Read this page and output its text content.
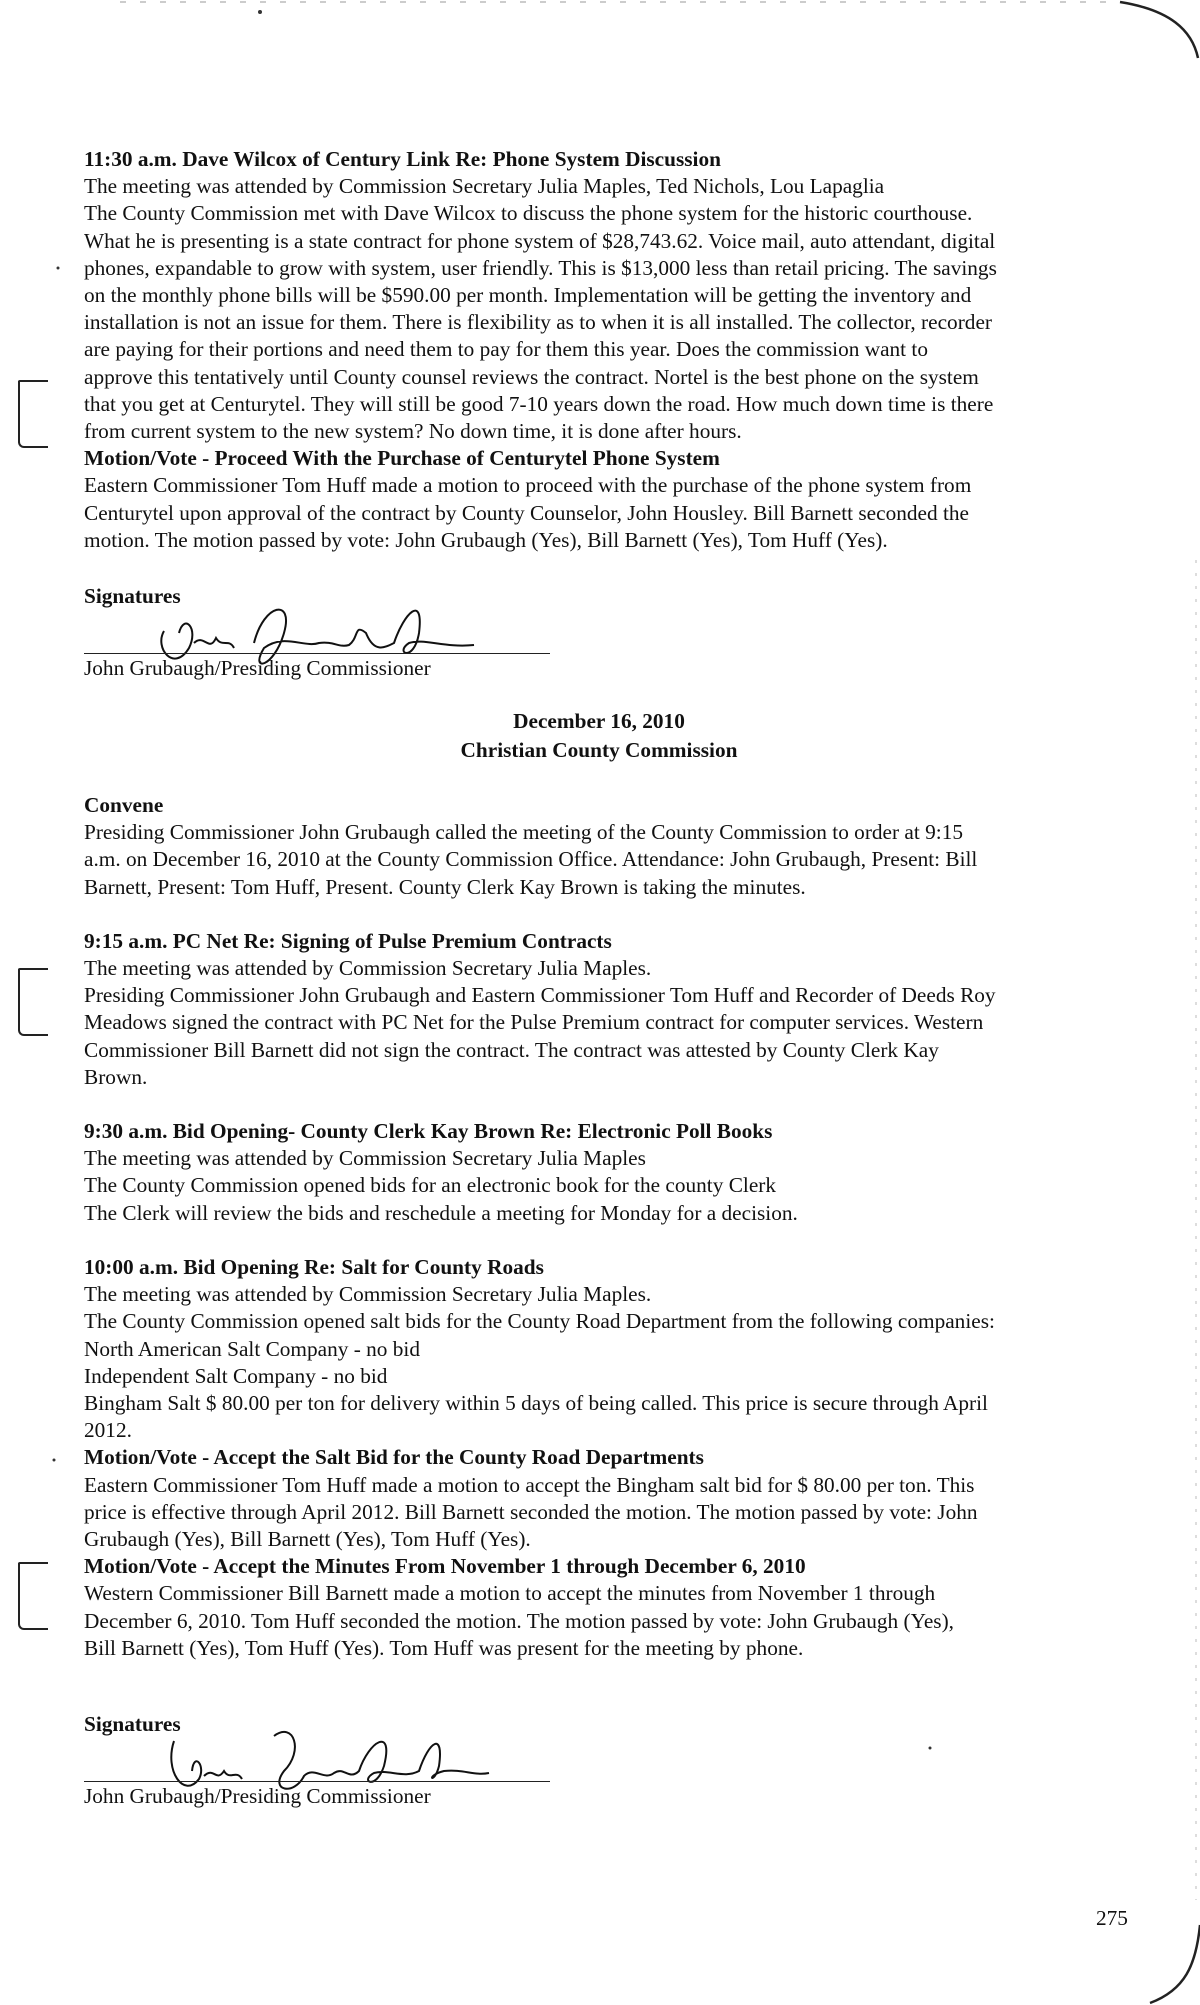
11:30 a.m. Dave Wilcox of Century Link Re: Phone System Discussion

The meeting was attended by Commission Secretary Julia Maples, Ted Nichols, Lou Lapaglia

The County Commission met with Dave Wilcox to discuss the phone system for the historic courthouse.

What he is presenting is a state contract for phone system of $28,743.62. Voice mail, auto attendant, digital

phones, expandable to grow with system, user friendly. This is $13,000 less than retail pricing. The savings

on the monthly phone bills will be $590.00 per month. Implementation will be getting the inventory and

installation is not an issue for them. There is flexibility as to when it is all installed. The collector, recorder

are paying for their portions and need them to pay for them this year. Does the commission want to

approve this tentatively until County counsel reviews the contract. Nortel is the best phone on the system

that you get at Centurytel. They will still be good 7-10 years down the road. How much down time is there

from current system to the new system? No down time, it is done after hours.

Motion/Vote - Proceed With the Purchase of Centurytel Phone System

Eastern Commissioner Tom Huff made a motion to proceed with the purchase of the phone system from

Centurytel upon approval of the contract by County Counselor, John Housley. Bill Barnett seconded the

motion. The motion passed by vote: John Grubaugh (Yes), Bill Barnett (Yes), Tom Huff (Yes).

Signatures
John Grubaugh/Presiding Commissioner

December 16, 2010

Christian County Commission

Convene

Presiding Commissioner John Grubaugh called the meeting of the County Commission to order at 9:15

a.m. on December 16, 2010 at the County Commission Office. Attendance: John Grubaugh, Present: Bill

Barnett, Present: Tom Huff, Present. County Clerk Kay Brown is taking the minutes.

9:15 a.m. PC Net Re: Signing of Pulse Premium Contracts

The meeting was attended by Commission Secretary Julia Maples.

Presiding Commissioner John Grubaugh and Eastern Commissioner Tom Huff and Recorder of Deeds Roy

Meadows signed the contract with PC Net for the Pulse Premium contract for computer services. Western

Commissioner Bill Barnett did not sign the contract. The contract was attested by County Clerk Kay

Brown.

9:30 a.m. Bid Opening- County Clerk Kay Brown Re: Electronic Poll Books

The meeting was attended by Commission Secretary Julia Maples

The County Commission opened bids for an electronic book for the county Clerk

The Clerk will review the bids and reschedule a meeting for Monday for a decision.

10:00 a.m. Bid Opening Re: Salt for County Roads

The meeting was attended by Commission Secretary Julia Maples.

The County Commission opened salt bids for the County Road Department from the following companies:

North American Salt Company - no bid

Independent Salt Company - no bid

Bingham Salt $ 80.00 per ton for delivery within 5 days of being called. This price is secure through April

2012.

Motion/Vote - Accept the Salt Bid for the County Road Departments

Eastern Commissioner Tom Huff made a motion to accept the Bingham salt bid for $ 80.00 per ton. This

price is effective through April 2012. Bill Barnett seconded the motion. The motion passed by vote: John

Grubaugh (Yes), Bill Barnett (Yes), Tom Huff (Yes).

Motion/Vote - Accept the Minutes From November 1 through December 6, 2010

Western Commissioner Bill Barnett made a motion to accept the minutes from November 1 through

December 6, 2010. Tom Huff seconded the motion. The motion passed by vote: John Grubaugh (Yes),

Bill Barnett (Yes), Tom Huff (Yes). Tom Huff was present for the meeting by phone.

Signatures
John Grubaugh/Presiding Commissioner
275
